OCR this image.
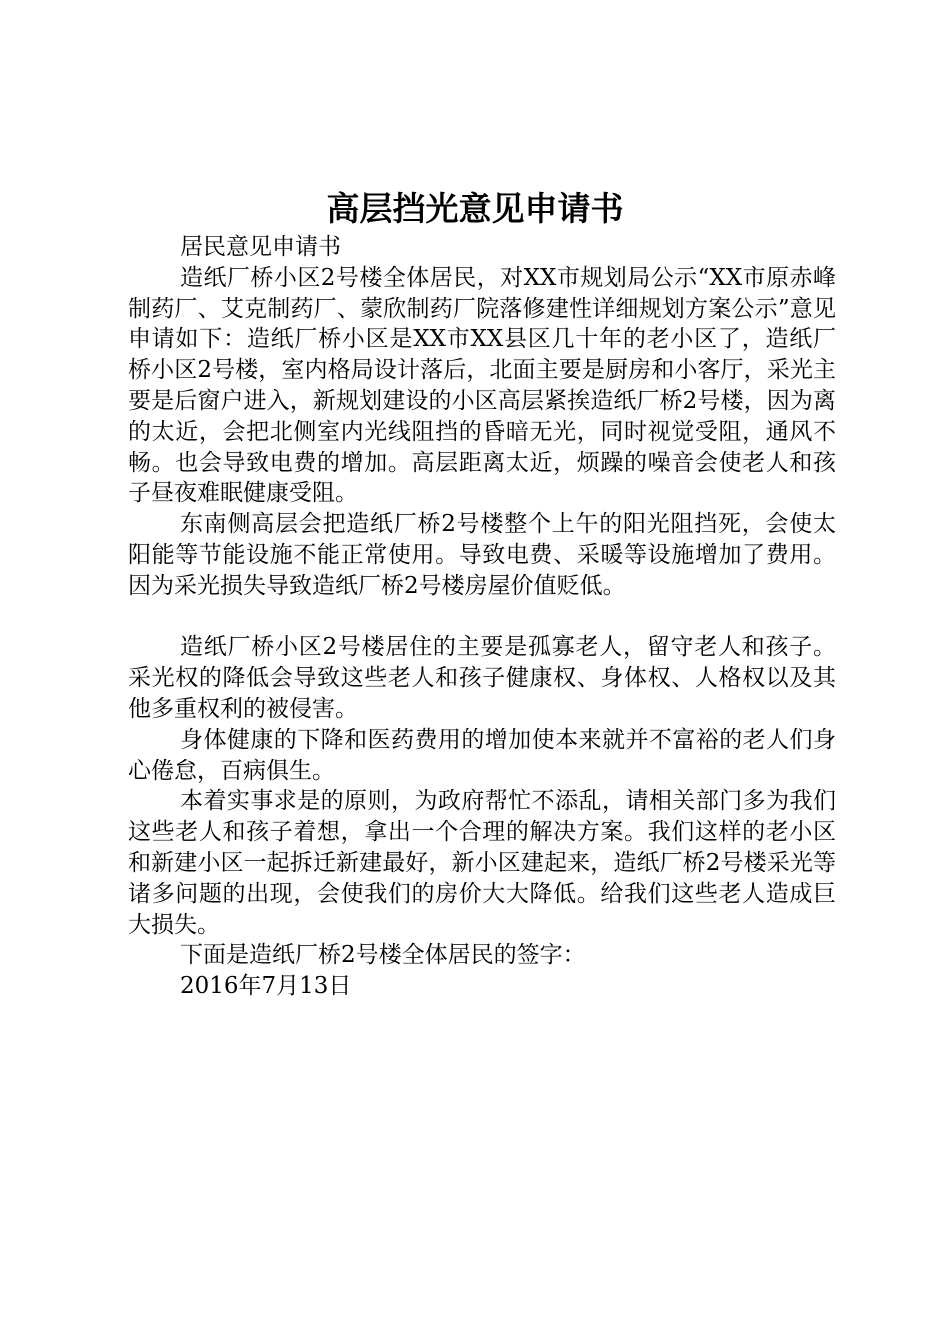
高层挡光意见申请书

居民意见申请书

造纸厂桥小区2号楼全体居民，对XX市规划局公示“XX市原赤峰制药厂、艾克制药厂、蒙欣制药厂院落修建性详细规划方案公示”意见申请如下：造纸厂桥小区是XX市XX县区几十年的老小区了，造纸厂桥小区2号楼，室内格局设计落后，北面主要是厨房和小客厅，采光主要是后窗户进入，新规划建设的小区高层紧挨造纸厂桥2号楼，因为离的太近，会把北侧室内光线阻挡的昏暗无光，同时视觉受阻，通风不畅。也会导致电费的增加。高层距离太近，烦躁的噪音会使老人和孩子昼夜难眠健康受阻。

东南侧高层会把造纸厂桥2号楼整个上午的阳光阻挡死，会使太阳能等节能设施不能正常使用。导致电费、采暖等设施增加了费用。因为采光损失导致造纸厂桥2号楼房屋价值贬低。

造纸厂桥小区2号楼居住的主要是孤寡老人，留守老人和孩子。采光权的降低会导致这些老人和孩子健康权、身体权、人格权以及其他多重权利的被侵害。

身体健康的下降和医药费用的增加使本来就并不富裕的老人们身心倦怠，百病俱生。

本着实事求是的原则，为政府帮忙不添乱，请相关部门多为我们这些老人和孩子着想，拿出一个合理的解决方案。我们这样的老小区和新建小区一起拆迁新建最好，新小区建起来，造纸厂桥2号楼采光等诸多问题的出现，会使我们的房价大大降低。给我们这些老人造成巨大损失。

下面是造纸厂桥2号楼全体居民的签字：

2016年7月13日
